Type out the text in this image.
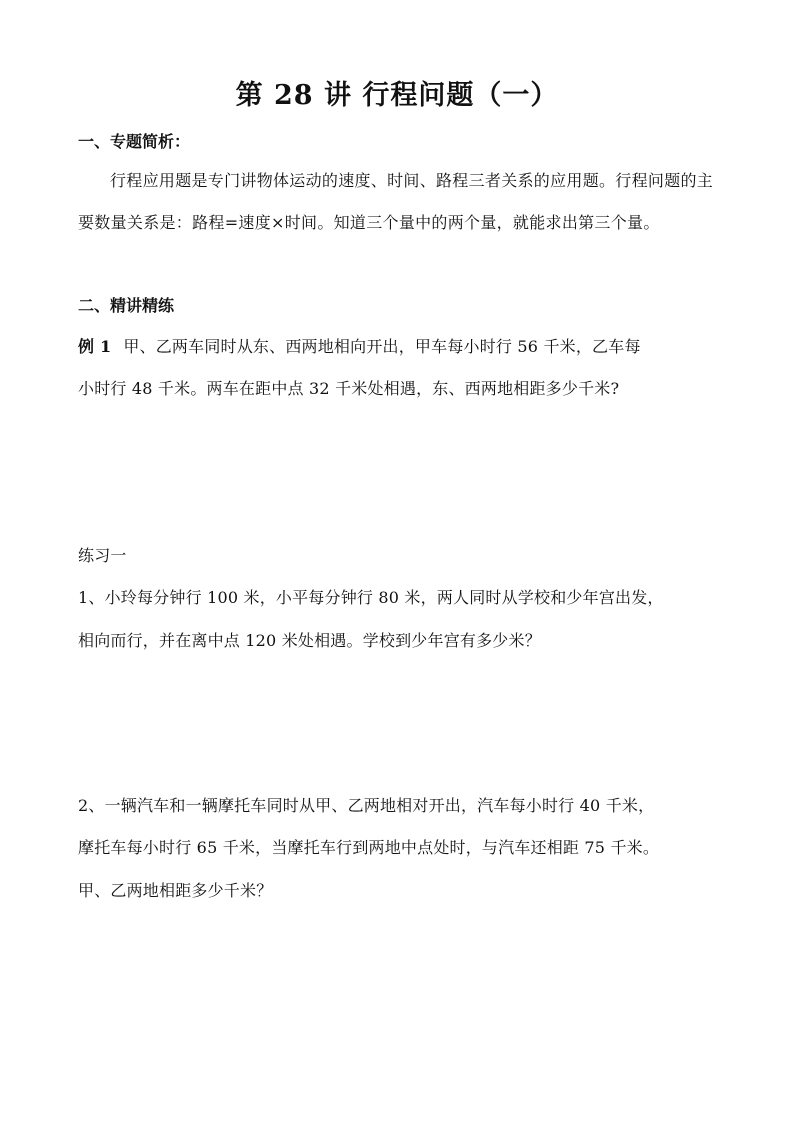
第 28 讲 行程问题（一）
一、专题简析：

行程应用题是专门讲物体运动的速度、时间、路程三者关系的应用题。行程问题的主要数量关系是：路程=速度×时间。知道三个量中的两个量，就能求出第三个量。

二、精讲精练

例 1 甲、乙两车同时从东、西两地相向开出，甲车每小时行 56 千米，乙车每

小时行 48 千米。两车在距中点 32 千米处相遇，东、西两地相距多少千米?

练习一

1、小玲每分钟行 100 米，小平每分钟行 80 米，两人同时从学校和少年宫出发，

相向而行，并在离中点 120 米处相遇。学校到少年宫有多少米？

2、一辆汽车和一辆摩托车同时从甲、乙两地相对开出，汽车每小时行 40 千米，

摩托车每小时行 65 千米，当摩托车行到两地中点处时，与汽车还相距 75 千米。

甲、乙两地相距多少千米？
